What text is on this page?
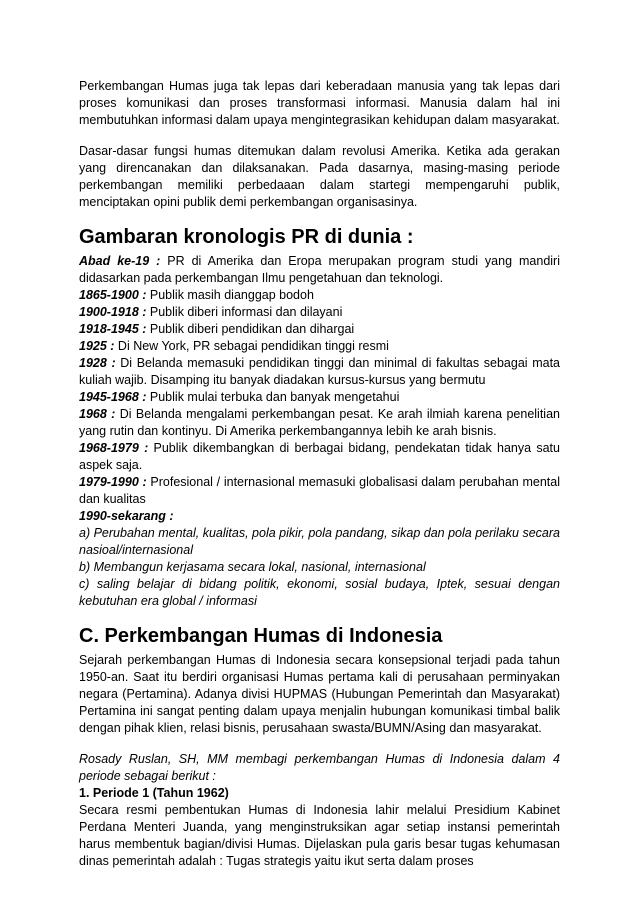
Perkembangan Humas juga tak lepas dari keberadaan manusia yang tak lepas dari proses komunikasi dan proses transformasi informasi. Manusia dalam hal ini membutuhkan informasi dalam upaya mengintegrasikan kehidupan dalam masyarakat.

Dasar-dasar fungsi humas ditemukan dalam revolusi Amerika. Ketika ada gerakan yang direncanakan dan dilaksanakan. Pada dasarnya, masing-masing periode perkembangan memiliki perbedaaan dalam startegi mempengaruhi publik, menciptakan opini publik demi perkembangan organisasinya.

Gambaran kronologis PR di dunia :

Abad ke-19 : PR di Amerika dan Eropa merupakan program studi yang mandiri didasarkan pada perkembangan Ilmu pengetahuan dan teknologi.

1865-1900 : Publik masih dianggap bodoh

1900-1918 : Publik diberi informasi dan dilayani

1918-1945 : Publik diberi pendidikan dan dihargai

1925 : Di New York, PR sebagai pendidikan tinggi resmi

1928 : Di Belanda memasuki pendidikan tinggi dan minimal di fakultas sebagai mata kuliah wajib. Disamping itu banyak diadakan kursus-kursus yang bermutu

1945-1968 : Publik mulai terbuka dan banyak mengetahui

1968 : Di Belanda mengalami perkembangan pesat. Ke arah ilmiah karena penelitian yang rutin dan kontinyu. Di Amerika perkembangannya lebih ke arah bisnis.

1968-1979 : Publik dikembangkan di berbagai bidang, pendekatan tidak hanya satu aspek saja.

1979-1990 : Profesional / internasional memasuki globalisasi dalam perubahan mental dan kualitas

1990-sekarang :

a) Perubahan mental, kualitas, pola pikir, pola pandang, sikap dan pola perilaku secara nasioal/internasional

b) Membangun kerjasama secara lokal, nasional, internasional

c) saling belajar di bidang politik, ekonomi, sosial budaya, Iptek, sesuai dengan kebutuhan era global / informasi

C. Perkembangan Humas di Indonesia

Sejarah perkembangan Humas di Indonesia secara konsepsional terjadi pada tahun 1950-an. Saat itu berdiri organisasi Humas pertama kali di perusahaan perminyakan negara (Pertamina). Adanya divisi HUPMAS (Hubungan Pemerintah dan Masyarakat) Pertamina ini sangat penting dalam upaya menjalin hubungan komunikasi timbal balik dengan pihak klien, relasi bisnis, perusahaan swasta/BUMN/Asing dan masyarakat.

Rosady Ruslan, SH, MM membagi perkembangan Humas di Indonesia dalam 4 periode sebagai berikut :

1. Periode 1 (Tahun 1962)

Secara resmi pembentukan Humas di Indonesia lahir melalui Presidium Kabinet Perdana Menteri Juanda, yang menginstruksikan agar setiap instansi pemerintah harus membentuk bagian/divisi Humas. Dijelaskan pula garis besar tugas kehumasan dinas pemerintah adalah : Tugas strategis yaitu ikut serta dalam proses
